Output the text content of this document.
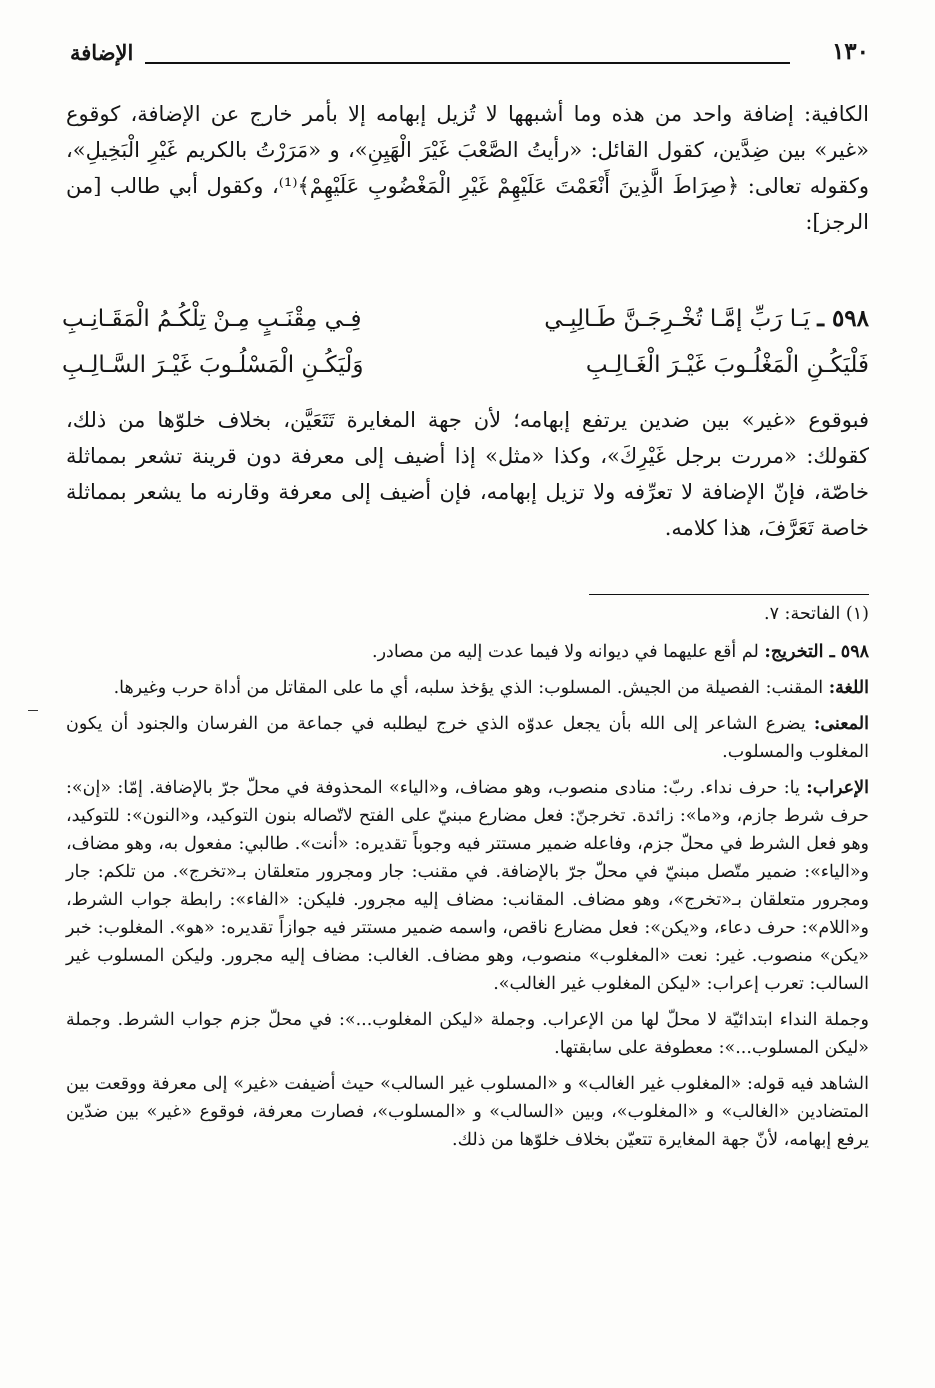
١٣٠
الإضافة

الكافية: إضافة واحد من هذه وما أشبهها لا تُزيل إبهامه إلا بأمر خارج عن الإضافة، كوقوع «غير» بين ضِدَّين، كقول القائل: «رأيتُ الصَّعْبَ غَيْرَ الْهَيِنِ»، و «مَرَرْتُ بالكريم غَيْرِ الْبَخِيلِ»، وكقوله تعالى: ﴿صِرَاطَ الَّذِينَ أَنْعَمْتَ عَلَيْهِمْ غَيْرِ الْمَغْضُوبِ عَلَيْهِمْ﴾⁽¹⁾، وكقول أبي طالب [من الرجز]:

٥٩٨ ـ يَـا رَبِّ إمَّـا تُخْـرِجَـنَّ طَـالِبِـي
فِـي مِقْنَـبٍ مِـنْ تِلْكُـمُ الْمَقَـانِـبِ
فَلْيَكُـنِ الْمَغْلُـوبَ غَيْـرَ الْغَـالِـبِ
وَلْيَكُـنِ الْمَسْلُـوبَ غَيْـرَ السَّـالِـبِ

فبوقوع «غير» بين ضدين يرتفع إبهامه؛ لأن جهة المغايرة تَتَعَيَّن، بخلاف خلوّها من ذلك، كقولك: «مررت برجل غَيْرِكَ»، وكذا «مثل» إذا أضيف إلى معرفة دون قرينة تشعر بمماثلة خاصّة، فإنّ الإضافة لا تعرِّفه ولا تزيل إبهامه، فإن أضيف إلى معرفة وقارنه ما يشعر بمماثلة خاصة تَعَرَّفَ، هذا كلامه.

(١) الفاتحة: ٧.

٥٩٨ ـ التخريج: لم أقع عليهما في ديوانه ولا فيما عدت إليه من مصادر.

اللغة: المقنب: الفصيلة من الجيش. المسلوب: الذي يؤخذ سلبه، أي ما على المقاتل من أداة حرب وغيرها.

المعنى: يضرع الشاعر إلى الله بأن يجعل عدوّه الذي خرج ليطلبه في جماعة من الفرسان والجنود أن يكون المغلوب والمسلوب.

الإعراب: يا: حرف نداء. ربّ: منادى منصوب، وهو مضاف، و«الياء» المحذوفة في محلّ جرّ بالإضافة. إمّا: «إن»: حرف شرط جازم، و«ما»: زائدة. تخرجنّ: فعل مضارع مبنيّ على الفتح لاتّصاله بنون التوكيد، و«النون»: للتوكيد، وهو فعل الشرط في محلّ جزم، وفاعله ضمير مستتر فيه وجوباً تقديره: «أنت». طالبي: مفعول به، وهو مضاف، و«الياء»: ضمير متّصل مبنيّ في محلّ جرّ بالإضافة. في مقنب: جار ومجرور متعلقان بـ«تخرج». من تلكم: جار ومجرور متعلقان بـ«تخرج»، وهو مضاف. المقانب: مضاف إليه مجرور. فليكن: «الفاء»: رابطة جواب الشرط، و«اللام»: حرف دعاء، و«يكن»: فعل مضارع ناقص، واسمه ضمير مستتر فيه جوازاً تقديره: «هو». المغلوب: خبر «يكن» منصوب. غير: نعت «المغلوب» منصوب، وهو مضاف. الغالب: مضاف إليه مجرور. وليكن المسلوب غير السالب: تعرب إعراب: «ليكن المغلوب غير الغالب».

وجملة النداء ابتدائيّة لا محلّ لها من الإعراب. وجملة «ليكن المغلوب...»: في محلّ جزم جواب الشرط. وجملة «ليكن المسلوب...»: معطوفة على سابقتها.

الشاهد فيه قوله: «المغلوب غير الغالب» و «المسلوب غير السالب» حيث أضيفت «غير» إلى معرفة ووقعت بين المتضادين «الغالب» و «المغلوب»، وبين «السالب» و «المسلوب»، فصارت معرفة، فوقوع «غير» بين ضدّين يرفع إبهامه، لأنّ جهة المغايرة تتعيّن بخلاف خلوّها من ذلك.
